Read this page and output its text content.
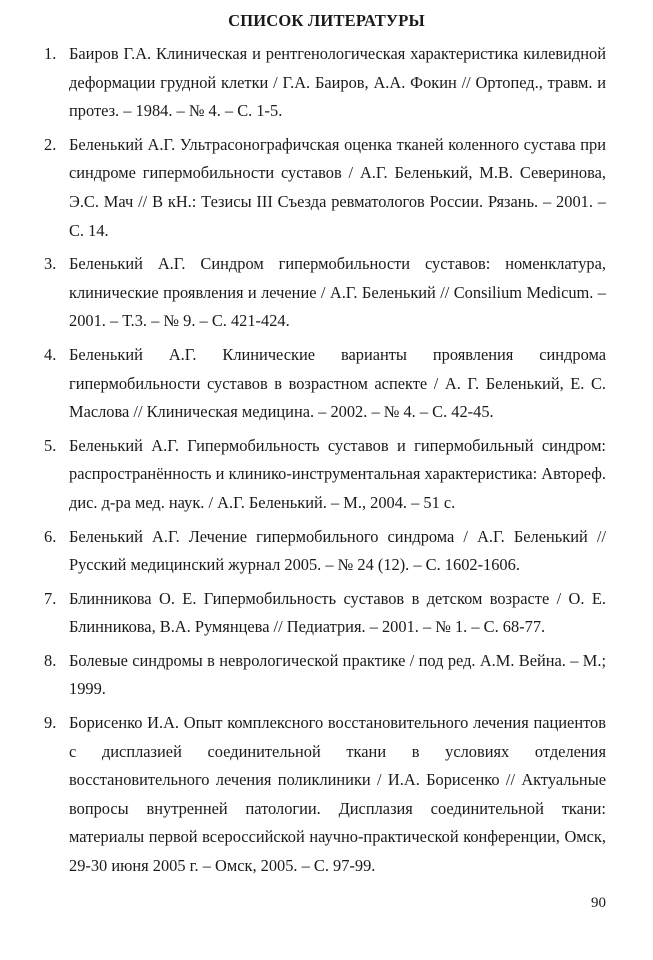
СПИСОК ЛИТЕРАТУРЫ
1. Баиров Г.А. Клиническая и рентгенологическая характеристика килевидной деформации грудной клетки / Г.А. Баиров, А.А. Фокин // Ортопед., травм. и протез. – 1984. – № 4. – С. 1-5.
2. Беленький А.Г. Ультрасонографичская оценка тканей коленного сустава при синдроме гипермобильности суставов / А.Г. Беленький, М.В. Северинова, Э.С. Мач // В кН.: Тезисы III Съезда ревматологов России. Рязань. – 2001. – С. 14.
3. Беленький А.Г. Синдром гипермобильности суставов: номенклатура, клинические проявления и лечение / А.Г. Беленький // Consilium Medicum. – 2001. – Т.3. – № 9. – С. 421-424.
4. Беленький А.Г. Клинические варианты проявления синдрома гипермобильности суставов в возрастном аспекте / А. Г. Беленький, Е. С. Маслова // Клиническая медицина. – 2002. – № 4. – С. 42-45.
5. Беленький А.Г. Гипермобильность суставов и гипермобильный синдром: распространённость и клинико-инструментальная характеристика: Автореф. дис. д-ра мед. наук. / А.Г. Беленький. – М., 2004. – 51 с.
6. Беленький А.Г. Лечение гипермобильного синдрома / А.Г. Беленький // Русский медицинский журнал 2005. – № 24 (12). – С. 1602-1606.
7. Блинникова О. Е. Гипермобильность суставов в детском возрасте / О. Е. Блинникова, В.А. Румянцева // Педиатрия. – 2001. – № 1. – С. 68-77.
8. Болевые синдромы в неврологической практике / под ред. А.М. Вейна. – М.; 1999.
9. Борисенко И.А. Опыт комплексного восстановительного лечения пациентов с дисплазией соединительной ткани в условиях отделения восстановительного лечения поликлиники / И.А. Борисенко // Актуальные вопросы внутренней патологии. Дисплазия соединительной ткани: материалы первой всероссийской научно-практической конференции, Омск, 29-30 июня 2005 г. – Омск, 2005. – С. 97-99.
90
